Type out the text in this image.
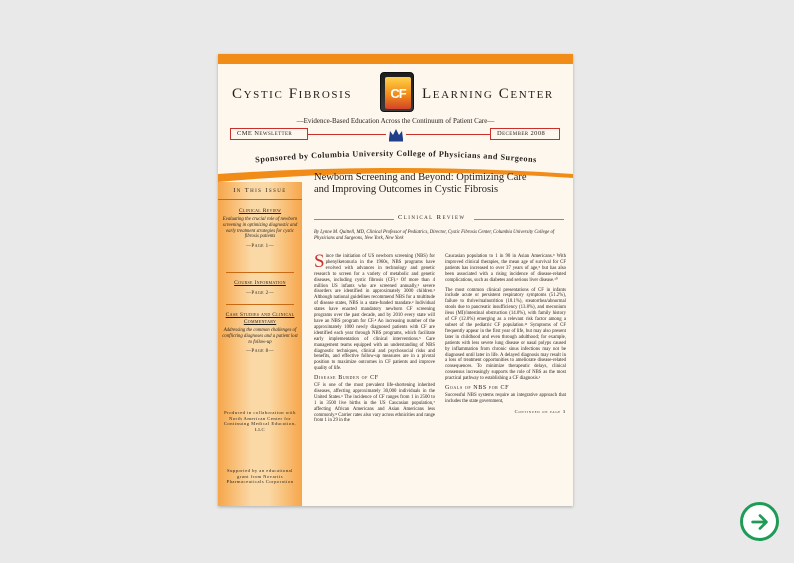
Cystic Fibrosis	CF	Learning Center
—Evidence-Based Education Across the Continuum of Patient Care—
CME Newsletter	December 2008
Sponsored by Columbia University College of Physicians and Surgeons
In This Issue
Clinical Review
Evaluating the crucial role of newborn screening in optimizing diagnostic and early treatment strategies for cystic fibrosis patients
—Page 1—
Course Information
—Page 2—
Case Studies and Clinical Commentary
Addressing the common challenges of conflicting diagnoses and a patient lost to follow-up
—Page 8—
Produced in collaboration with North American Center for Continuing Medical Education, LLC
Supported by an educational grant from Novartis Pharmaceuticals Corporation
Newborn Screening and Beyond: Optimizing Care
and Improving Outcomes in Cystic Fibrosis
Clinical Review
By Lynne M. Quittell, MD, Clinical Professor of Pediatrics, Director, Cystic Fibrosis Center, Columbia University College of Physicians and Surgeons, New York, New York

Since the initiation of US newborn screening (NBS) for phenylketonuria in the 1960s, NBS programs have evolved with advances in technology and genetic research to screen for a variety of metabolic and genetic diseases, including cystic fibrosis (CF).¹ Of more than 4 million US infants who are screened annually,² severe disorders are identified in approximately 3000 children.³ Although national guidelines recommend NBS for a multitude of disease states, NBS is a state-funded mandate.² Individual states have enacted mandatory newborn CF screening programs over the past decade, and by 2010 every state will have an NBS program for CF.⁴ An increasing number of the approximately 1000 newly diagnosed patients with CF are identified each year through NBS programs, which facilitate early implementation of clinical interventions.⁵ Care management teams equipped with an understanding of NBS diagnostic techniques, clinical and psychosocial risks and benefits, and effective follow-up measures are in a pivotal position to maximize outcomes in CF patients and improve quality of life.

Disease Burden of CF

CF is one of the most prevalent life-shortening inherited diseases, affecting approximately 30,000 individuals in the United States.⁶ The incidence of CF ranges from 1 in 2500 to 1 in 3500 live births in the US Caucasian population,⁷ affecting African Americans and Asian Americans less commonly.⁸ Carrier rates also vary across ethnicities and range from 1 in 29 in the

Caucasian population to 1 in 90 in Asian Americans.⁹ With improved clinical therapies, the mean age of survival for CF patients has increased to over 37 years of age,⁵ but has also been associated with a rising incidence of disease-related complications, such as diabetes and serious liver disease.¹⁰

The most common clinical presentations of CF in infants include acute or persistent respiratory symptoms (51.2%), failure to thrive/malnutrition (18.1%), steatorrhea/abnormal stools due to pancreatic insufficiency (13.8%), and meconium ileus (MI)/intestinal obstruction (14.0%), with family history of CF (12.0%) emerging as a relevant risk factor among a subset of the pediatric CF population.¹¹ Symptoms of CF frequently appear in the first year of life, but may also present later in childhood and even through adulthood; for example, patients with less severe lung disease or nasal polyps caused by inflammation from chronic sinus infections may not be diagnosed until later in life. A delayed diagnosis may result in a loss of treatment opportunities to ameliorate disease-related consequences. To minimize therapeutic delays, clinical consensus increasingly supports the role of NBS as the most practical pathway to establishing a CF diagnosis.¹

Goals of NBS for CF

Successful NBS systems require an integrative approach that includes the state government,

Continued on page 3
